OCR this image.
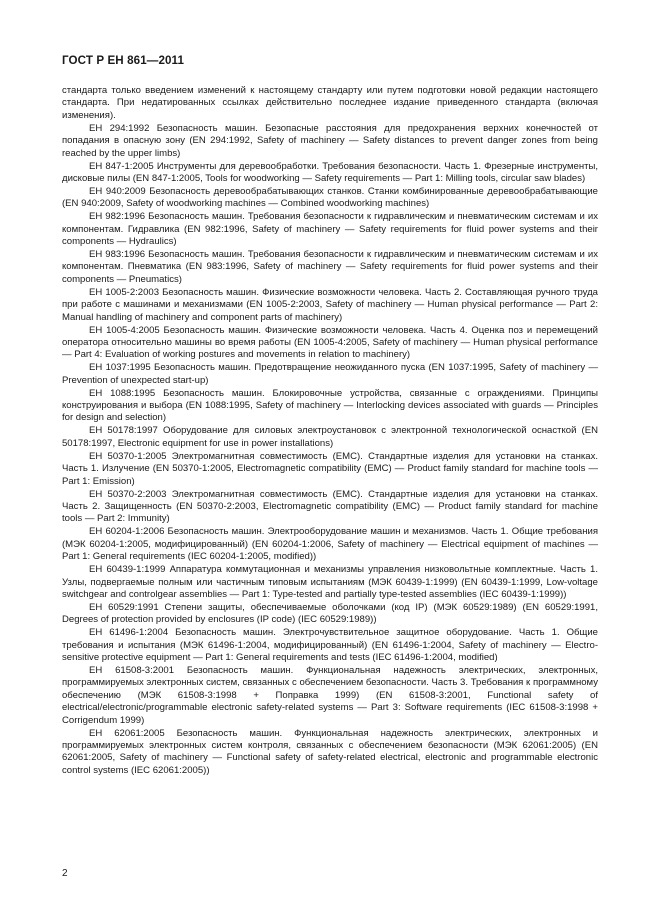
ГОСТ Р ЕН 861—2011

стандарта только введением изменений к настоящему стандарту или путем подготовки новой редакции настоящего стандарта. При недатированных ссылках действительно последнее издание приведенного стандарта (включая изменения).

ЕН 294:1992 Безопасность машин. Безопасные расстояния для предохранения верхних конечностей от попадания в опасную зону (EN 294:1992, Safety of machinery — Safety distances to prevent danger zones from being reached by the upper limbs)

ЕН 847-1:2005 Инструменты для деревообработки. Требования безопасности. Часть 1. Фрезерные инструменты, дисковые пилы (EN 847-1:2005, Tools for woodworking — Safety requirements — Part 1: Milling tools, circular saw blades)

ЕН 940:2009 Безопасность деревообрабатывающих станков. Станки комбинированные деревообрабатывающие (EN 940:2009, Safety of woodworking machines — Combined woodworking machines)

ЕН 982:1996 Безопасность машин. Требования безопасности к гидравлическим и пневматическим системам и их компонентам. Гидравлика (EN 982:1996, Safety of machinery — Safety requirements for fluid power systems and their components — Hydraulics)

ЕН 983:1996 Безопасность машин. Требования безопасности к гидравлическим и пневматическим системам и их компонентам. Пневматика (EN 983:1996, Safety of machinery — Safety requirements for fluid power systems and their components — Pneumatics)

ЕН 1005-2:2003 Безопасность машин. Физические возможности человека. Часть 2. Составляющая ручного труда при работе с машинами и механизмами (EN 1005-2:2003, Safety of machinery — Human physical performance — Part 2: Manual handling of machinery and component parts of machinery)

ЕН 1005-4:2005 Безопасность машин. Физические возможности человека. Часть 4. Оценка поз и перемещений оператора относительно машины во время работы (EN 1005-4:2005, Safety of machinery — Human physical performance — Part 4: Evaluation of working postures and movements in relation to machinery)

ЕН 1037:1995 Безопасность машин. Предотвращение неожиданного пуска (EN 1037:1995, Safety of machinery — Prevention of unexpected start-up)

ЕН 1088:1995 Безопасность машин. Блокировочные устройства, связанные с ограждениями. Принципы конструирования и выбора (EN 1088:1995, Safety of machinery — Interlocking devices associated with guards — Principles for design and selection)

ЕН 50178:1997 Оборудование для силовых электроустановок с электронной технологической оснасткой (EN 50178:1997, Electronic equipment for use in power installations)

ЕН 50370-1:2005 Электромагнитная совместимость (EMC). Стандартные изделия для установки на станках. Часть 1. Излучение (EN 50370-1:2005, Electromagnetic compatibility (EMC) — Product family standard for machine tools — Part 1: Emission)

ЕН 50370-2:2003 Электромагнитная совместимость (EMC). Стандартные изделия для установки на станках. Часть 2. Защищенность (EN 50370-2:2003, Electromagnetic compatibility (EMC) — Product family standard for machine tools — Part 2: Immunity)

ЕН 60204-1:2006 Безопасность машин. Электрооборудование машин и механизмов. Часть 1. Общие требования (МЭК 60204-1:2005, модифицированный) (EN 60204-1:2006, Safety of machinery — Electrical equipment of machines — Part 1: General requirements (IEC 60204-1:2005, modified))

ЕН 60439-1:1999 Аппаратура коммутационная и механизмы управления низковольтные комплектные. Часть 1. Узлы, подвергаемые полным или частичным типовым испытаниям (МЭК 60439-1:1999) (EN 60439-1:1999, Low-voltage switchgear and controlgear assemblies — Part 1: Type-tested and partially type-tested assemblies (IEC 60439-1:1999))

ЕН 60529:1991 Степени защиты, обеспечиваемые оболочками (код IP) (МЭК 60529:1989) (EN 60529:1991, Degrees of protection provided by enclosures (IP code) (IEC 60529:1989))

ЕН 61496-1:2004 Безопасность машин. Электрочувствительное защитное оборудование. Часть 1. Общие требования и испытания (МЭК 61496-1:2004, модифицированный) (EN 61496-1:2004, Safety of machinery — Electro-sensitive protective equipment — Part 1: General requirements and tests (IEC 61496-1:2004, modified)

ЕН 61508-3:2001 Безопасность машин. Функциональная надежность электрических, электронных, программируемых электронных систем, связанных с обеспечением безопасности. Часть 3. Требования к программному обеспечению (МЭК 61508-3:1998 + Поправка 1999) (EN 61508-3:2001, Functional safety of electrical/electronic/programmable electronic safety-related systems — Part 3: Software requirements (IEC 61508-3:1998 + Corrigendum 1999)

ЕН 62061:2005 Безопасность машин. Функциональная надежность электрических, электронных и программируемых электронных систем контроля, связанных с обеспечением безопасности (МЭК 62061:2005) (EN 62061:2005, Safety of machinery — Functional safety of safety-related electrical, electronic and programmable electronic control systems (IEC 62061:2005))

2
